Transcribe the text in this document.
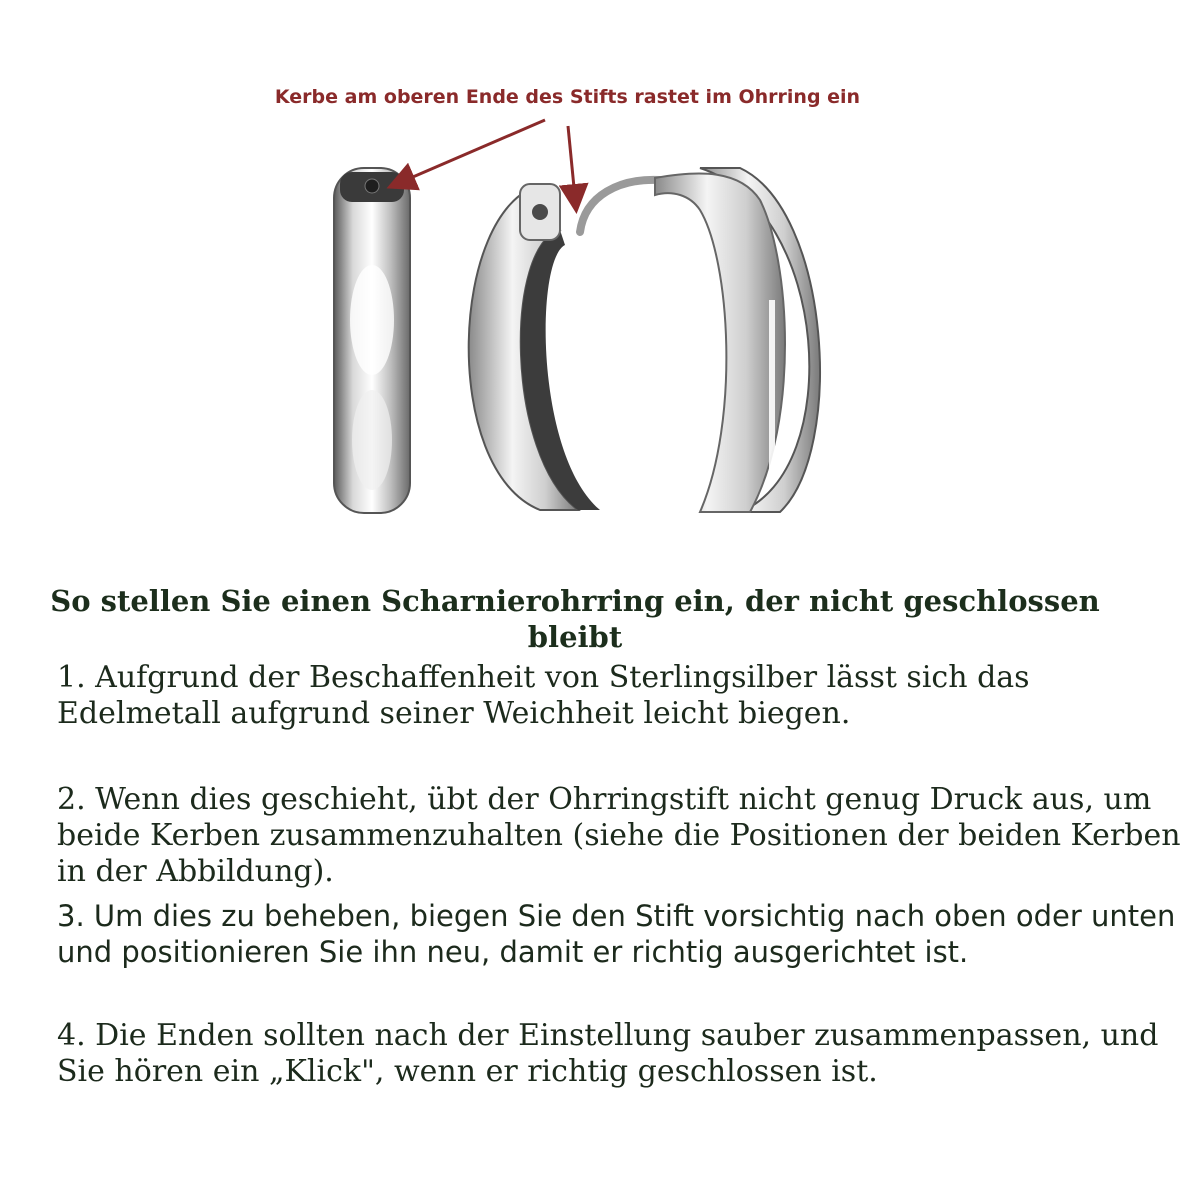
Kerbe am oberen Ende des Stifts rastet im Ohrring ein
So stellen Sie einen Scharnierohrring ein, der nicht geschlossen bleibt
1. Aufgrund der Beschaffenheit von Sterlingsilber lässt sich das Edelmetall aufgrund seiner Weichheit leicht biegen.
2. Wenn dies geschieht, übt der Ohrringstift nicht genug Druck aus, um beide Kerben zusammenzuhalten (siehe die Positionen der beiden Kerben in der Abbildung).
3. Um dies zu beheben, biegen Sie den Stift vorsichtig nach oben oder unten und positionieren Sie ihn neu, damit er richtig ausgerichtet ist.
4. Die Enden sollten nach der Einstellung sauber zusammenpassen, und Sie hören ein „Klick", wenn er richtig geschlossen ist.
